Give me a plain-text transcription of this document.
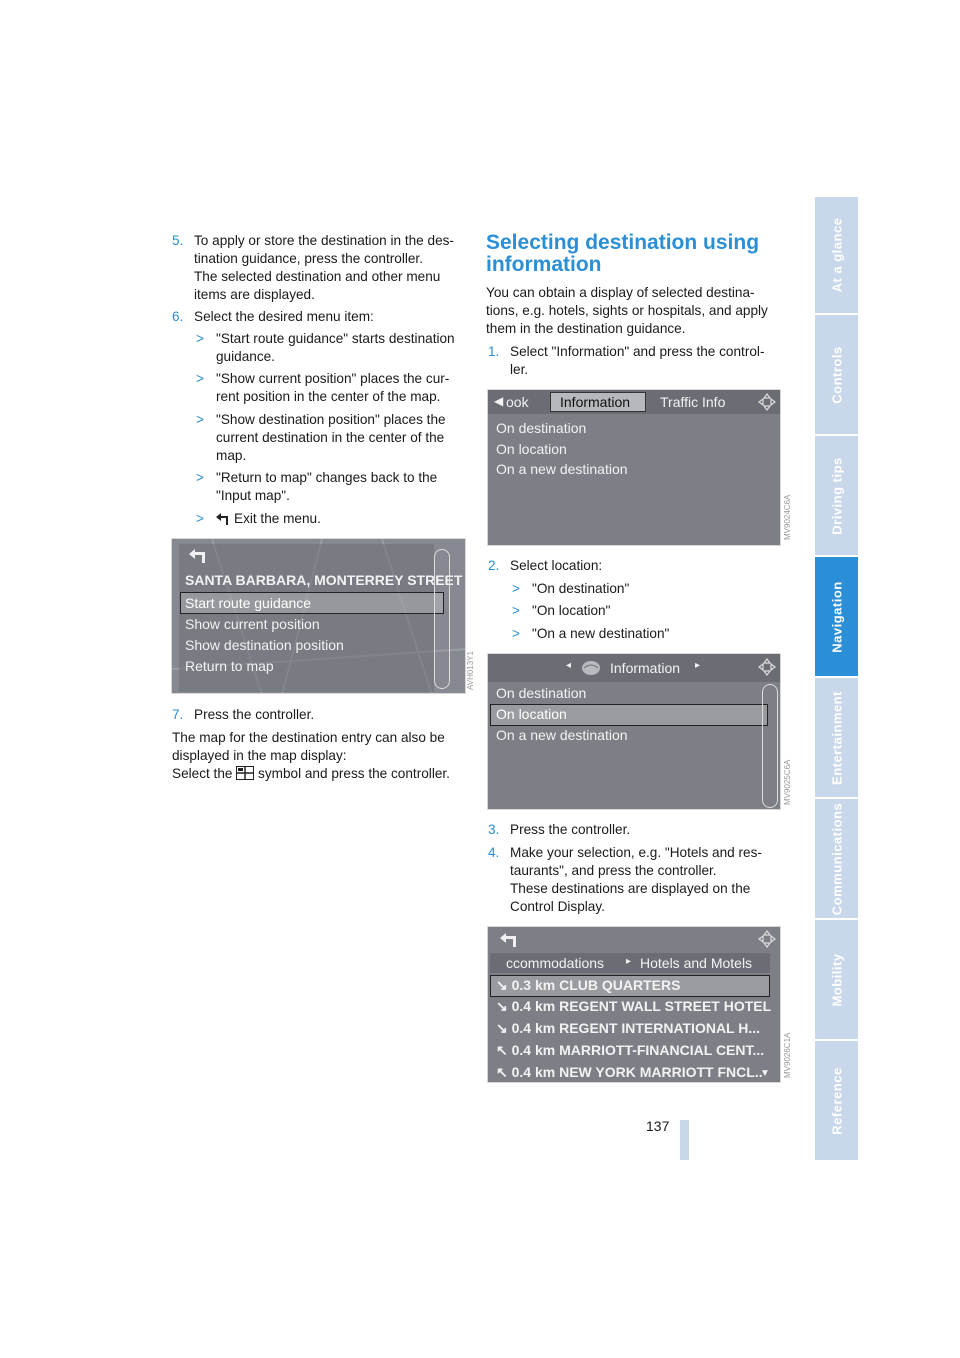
At a glance
Controls
Driving tips
Navigation
Entertainment
Communications
Mobility
Reference
5. To apply or store the destination in the des-
tination guidance, press the controller.
The selected destination and other menu
items are displayed.
6. Select the desired menu item:
> "Start route guidance" starts destination
guidance.
> "Show current position" places the cur-
rent position in the center of the map.
> "Show destination position" places the
current destination in the center of the
map.
> "Return to map" changes back to the
"Input map".
> Exit the menu.
SANTA BARBARA, MONTERREY STREET
Start route guidance
Show current position
Show destination position
Return to map	AVH013Y1
7. Press the controller.
The map for the destination entry can also be
displayed in the map display:
Select the symbol and press the controller.
Selecting destination using
information
You can obtain a display of selected destina-
tions, e.g. hotels, sights or hospitals, and apply
them in the destination guidance.
1. Select "Information" and press the control-
ler.
◀ ook Information Traffic Info
On destination
On location
On a new destination
MV9024C6A
2. Select location:
> "On destination"
> "On location"
> "On a new destination"
◂	Information ▸
On destination
On location
On a new destination
MV9025C6A
3. Press the controller.
4. Make your selection, e.g. "Hotels and res-
taurants", and press the controller.
These destinations are displayed on the
Control Display.
ccommodations ▸ Hotels and Motels
↘ 0.3 km CLUB QUARTERS
↘ 0.4 km REGENT WALL STREET HOTEL
↘ 0.4 km REGENT INTERNATIONAL H...
↖ 0.4 km MARRIOTT-FINANCIAL CENT...
↖ 0.4 km NEW YORK MARRIOTT FNCL..
▼ MV9026C1A
137
